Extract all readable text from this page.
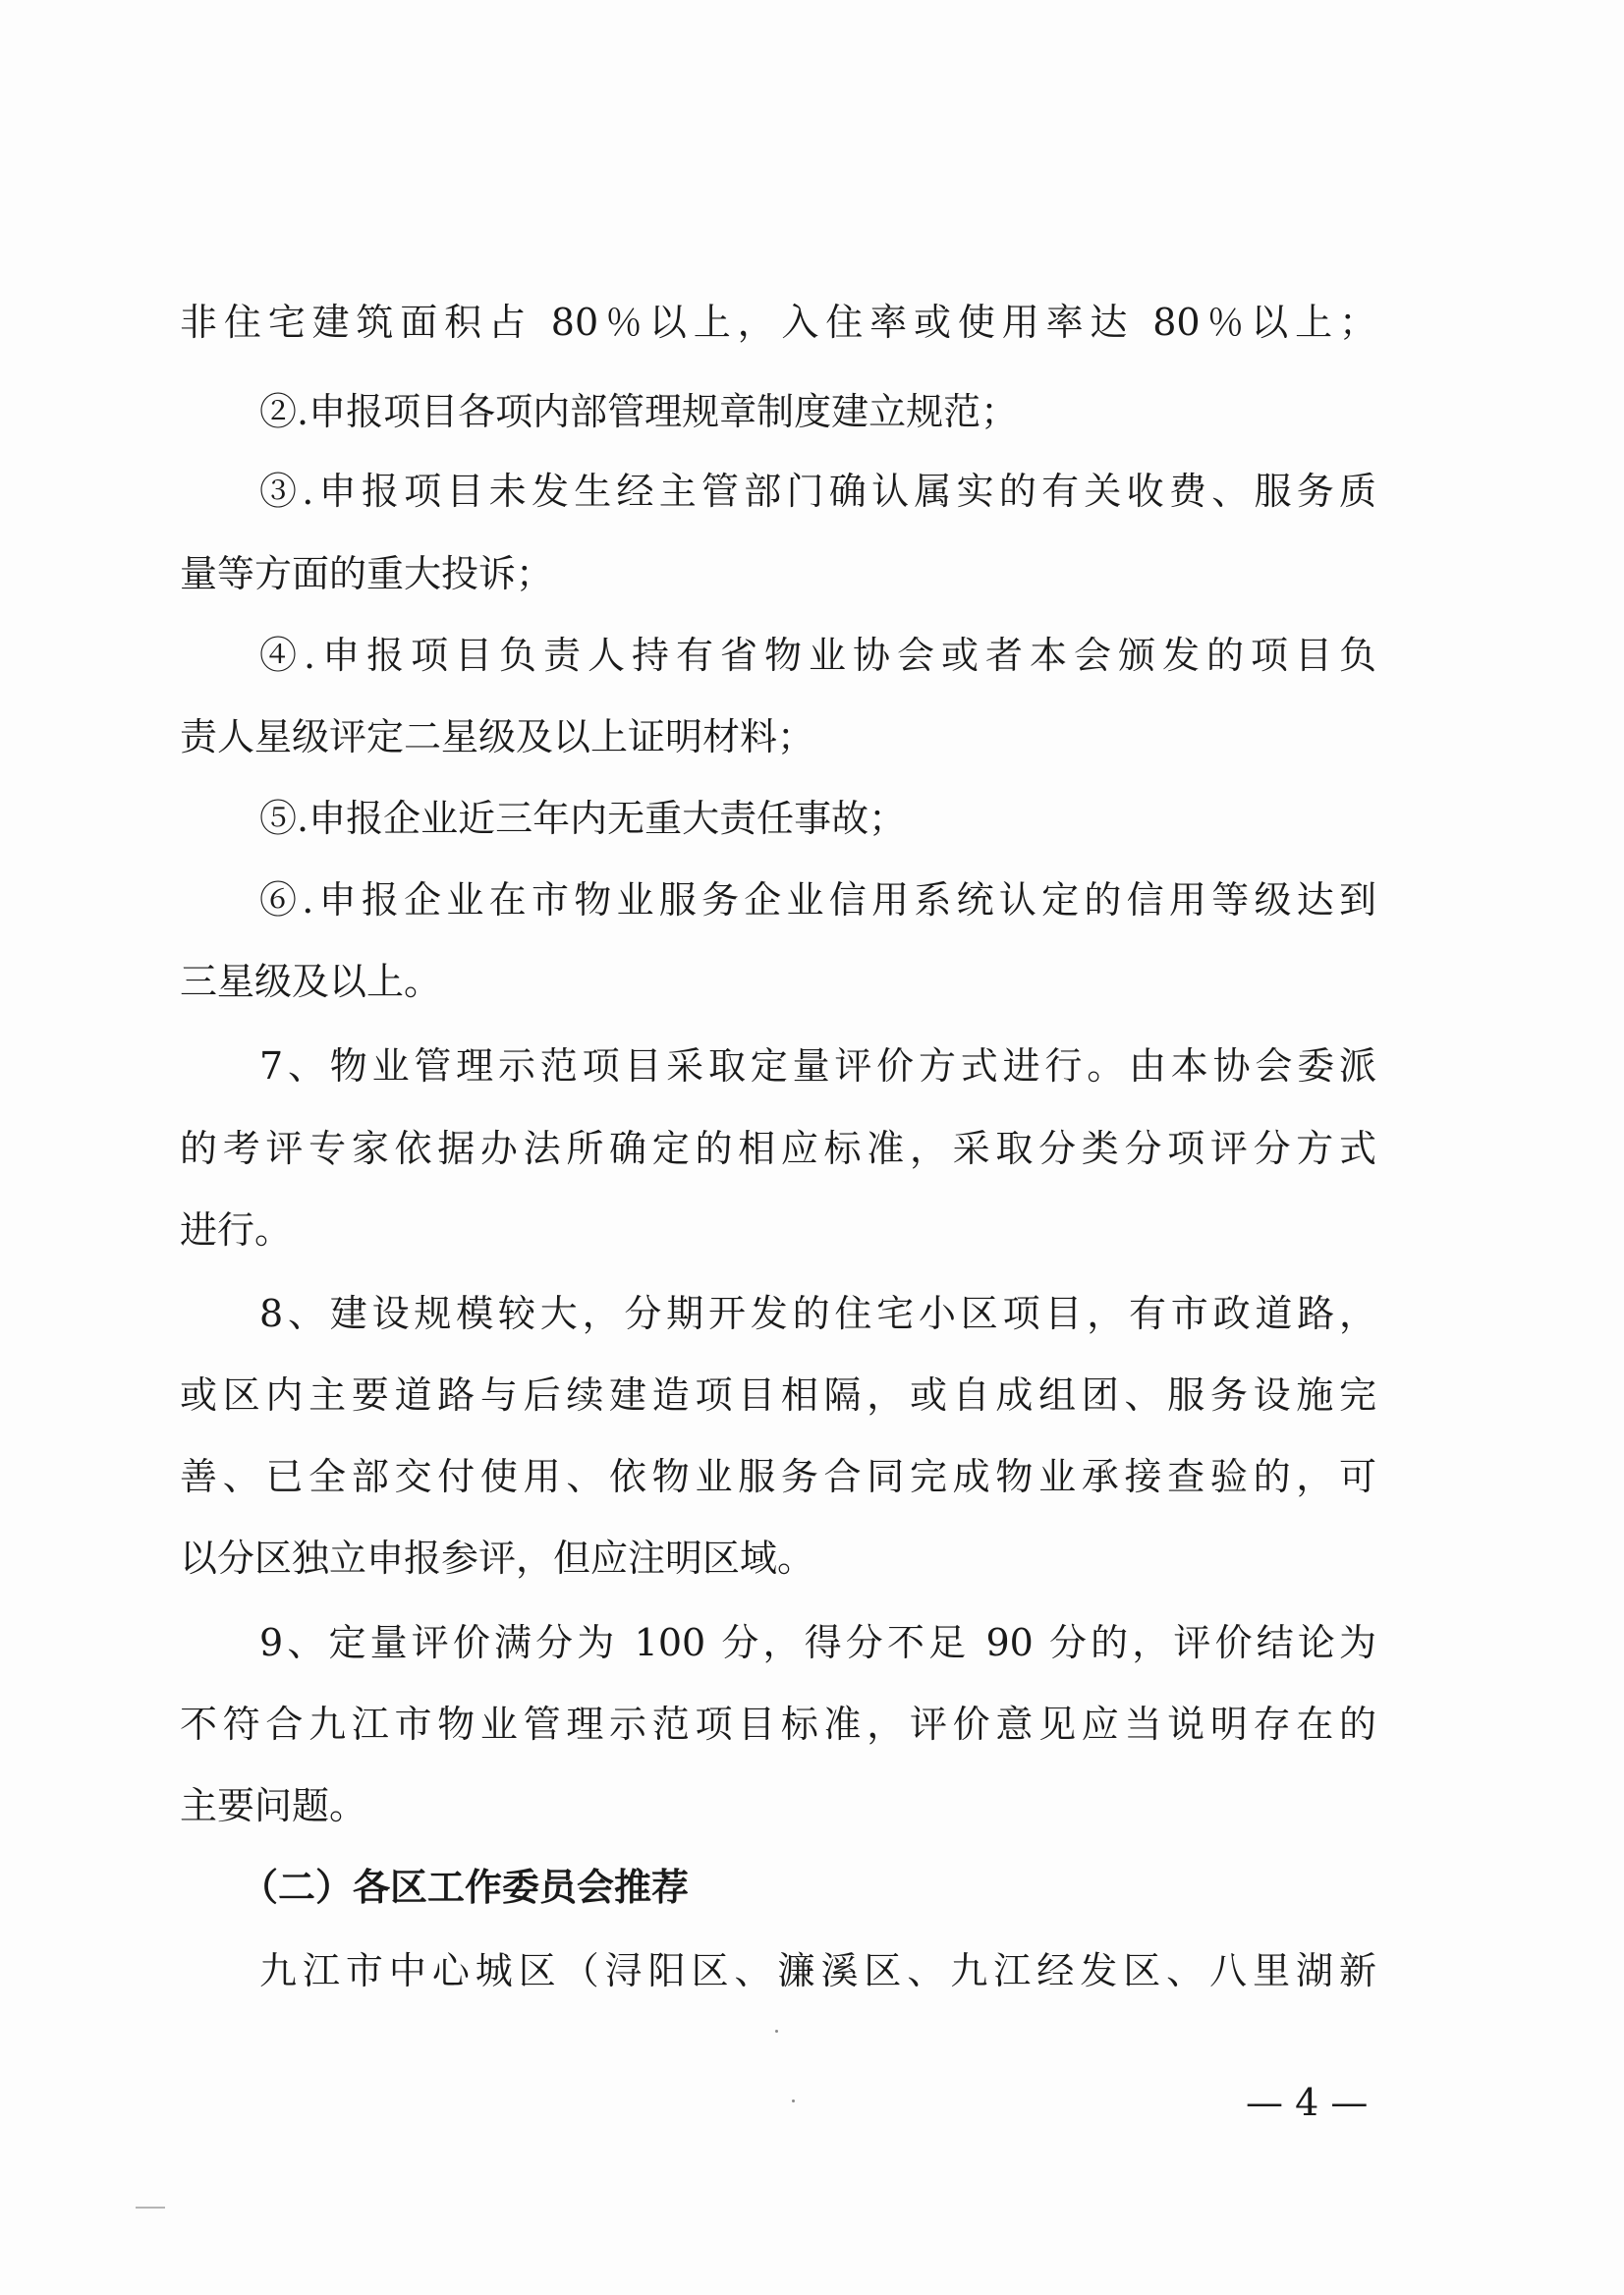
非住宅建筑面积占 80％以上，入住率或使用率达 80％以上；
②.申报项目各项内部管理规章制度建立规范；
③.申报项目未发生经主管部门确认属实的有关收费、服务质
量等方面的重大投诉；
④.申报项目负责人持有省物业协会或者本会颁发的项目负
责人星级评定二星级及以上证明材料；
⑤.申报企业近三年内无重大责任事故；
⑥.申报企业在市物业服务企业信用系统认定的信用等级达到
三星级及以上。
7、物业管理示范项目采取定量评价方式进行。由本协会委派
的考评专家依据办法所确定的相应标准，采取分类分项评分方式
进行。
8、建设规模较大，分期开发的住宅小区项目，有市政道路，
或区内主要道路与后续建造项目相隔，或自成组团、服务设施完
善、已全部交付使用、依物业服务合同完成物业承接查验的，可
以分区独立申报参评，但应注明区域。
9、定量评价满分为 100 分，得分不足 90 分的，评价结论为
不符合九江市物业管理示范项目标准，评价意见应当说明存在的
主要问题。
（二）各区工作委员会推荐
九江市中心城区（浔阳区、濂溪区、九江经发区、八里湖新
— 4 —
